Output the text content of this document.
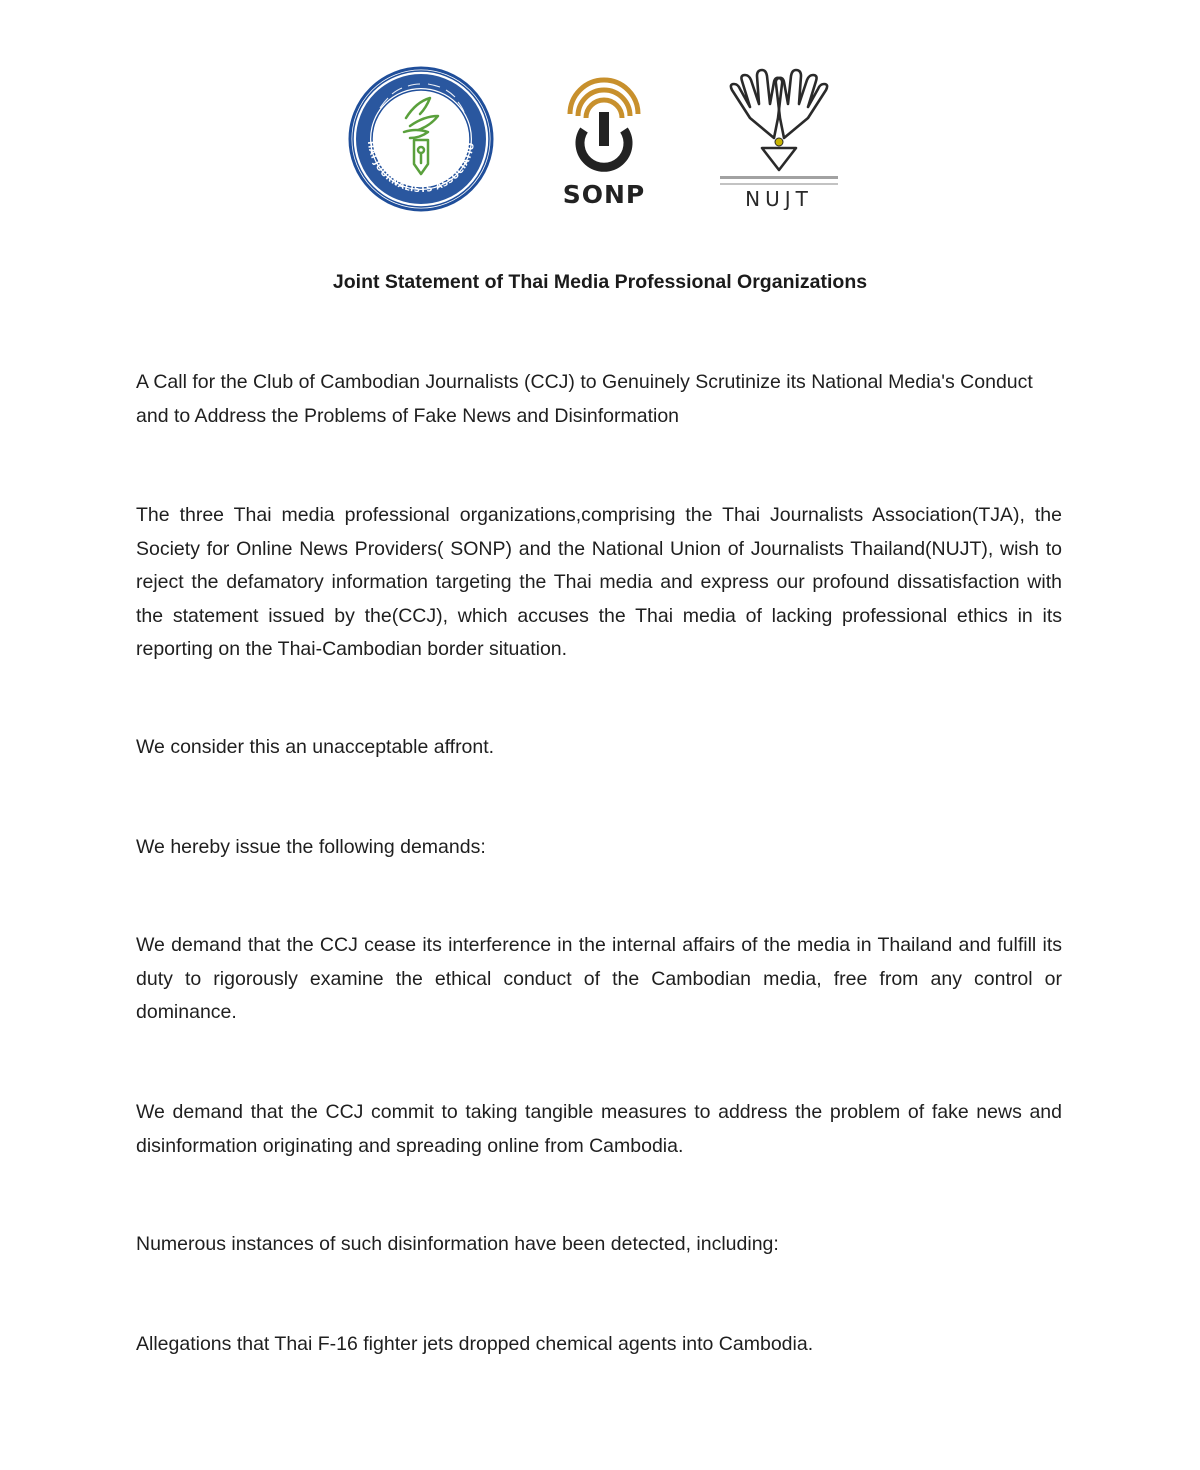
HAI JOURNALISTS ASSOCIATIO
SONP	NUJT
Joint Statement of Thai Media Professional Organizations

A Call for the Club of Cambodian Journalists (CCJ) to Genuinely Scrutinize its National Media's Conduct and to Address the Problems of Fake News and Disinformation

The three Thai media professional organizations,comprising the Thai Journalists Association(TJA), the Society for Online News Providers( SONP) and the National Union of Journalists Thailand(NUJT), wish to reject the defamatory information targeting the Thai media and express our profound dissatisfaction with the statement issued by the(CCJ), which accuses the Thai media of lacking professional ethics in its reporting on the Thai-Cambodian border situation.

We consider this an unacceptable affront.

We hereby issue the following demands:

We demand that the CCJ cease its interference in the internal affairs of the media in Thailand and fulfill its duty to rigorously examine the ethical conduct of the Cambodian media, free from any control or dominance.

We demand that the CCJ commit to taking tangible measures to address the problem of fake news and disinformation originating and spreading online from Cambodia.

Numerous instances of such disinformation have been detected, including:

Allegations that Thai F-16 fighter jets dropped chemical agents into Cambodia.
